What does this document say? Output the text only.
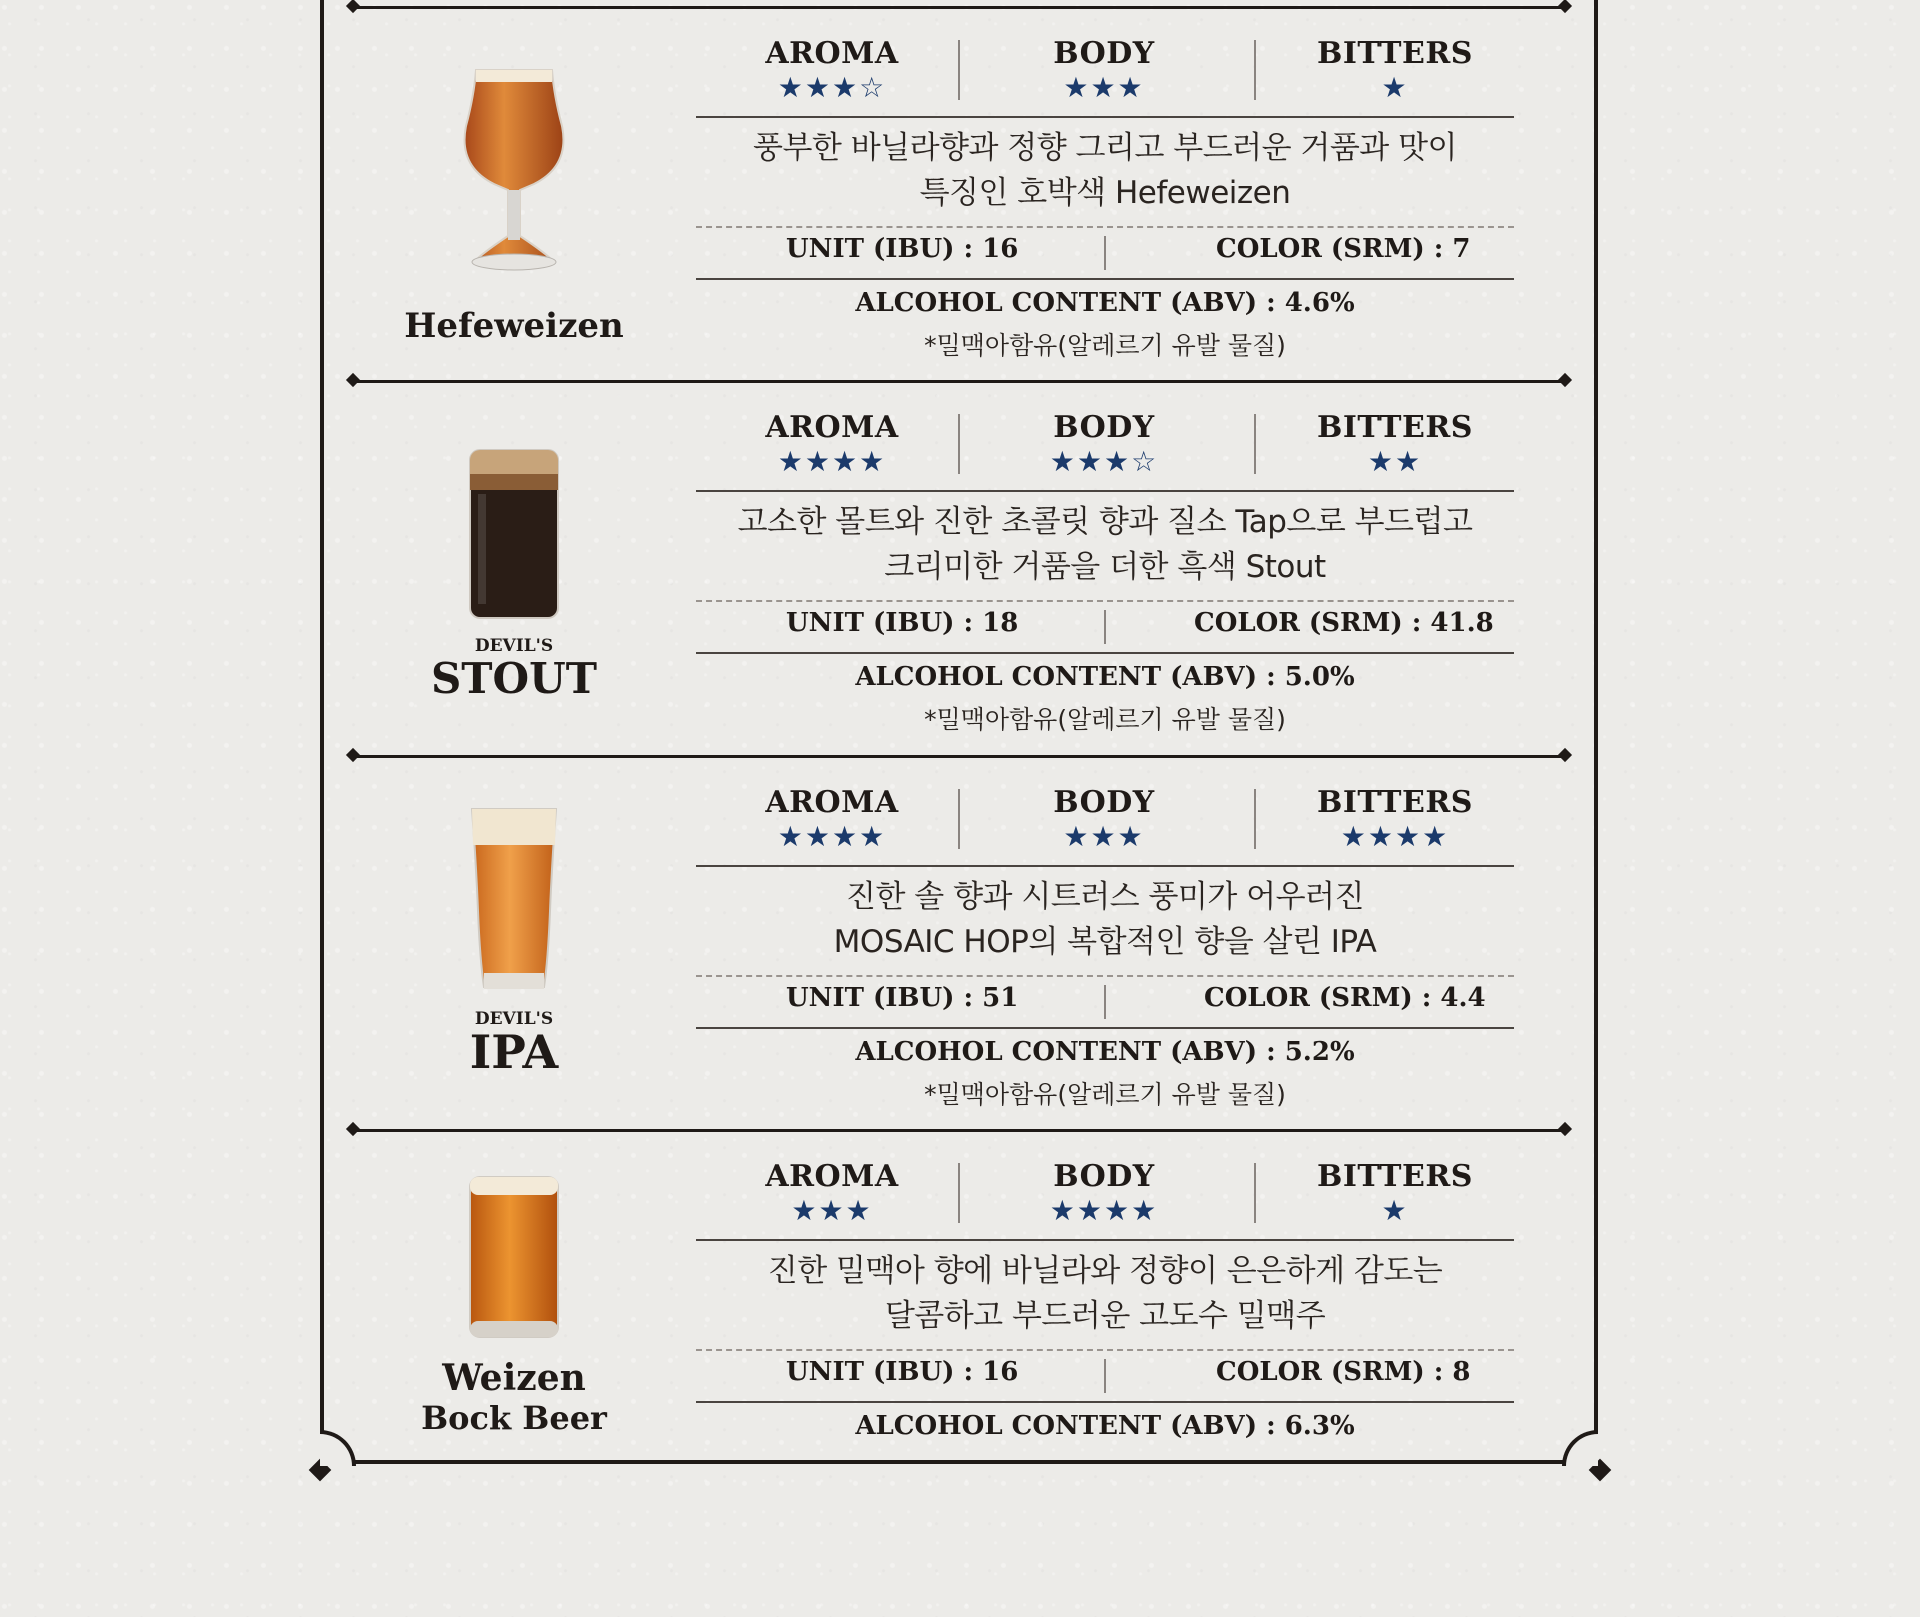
Hefeweizen
AROMA
★★★☆
BODY
★★★
BITTERS
★
풍부한 바닐라향과 정향 그리고 부드러운 거품과 맛이
특징인 호박색 Hefeweizen
UNIT (IBU) : 16	COLOR (SRM) : 7
ALCOHOL CONTENT (ABV) : 4.6%
*밀맥아함유(알레르기 유발 물질)
DEVIL'S
STOUT
AROMA
★★★★
BODY
★★★☆
BITTERS
★★
고소한 몰트와 진한 초콜릿 향과 질소 Tap으로 부드럽고
크리미한 거품을 더한 흑색 Stout
UNIT (IBU) : 18	COLOR (SRM) : 41.8
ALCOHOL CONTENT (ABV) : 5.0%
*밀맥아함유(알레르기 유발 물질)
DEVIL'S
IPA
AROMA
★★★★
BODY
★★★
BITTERS
★★★★
진한 솔 향과 시트러스 풍미가 어우러진
MOSAIC HOP의 복합적인 향을 살린 IPA
UNIT (IBU) : 51	COLOR (SRM) : 4.4
ALCOHOL CONTENT (ABV) : 5.2%
*밀맥아함유(알레르기 유발 물질)
Weizen
Bock Beer
AROMA
★★★
BODY
★★★★
BITTERS
★
진한 밀맥아 향에 바닐라와 정향이 은은하게 감도는
달콤하고 부드러운 고도수 밀맥주
UNIT (IBU) : 16	COLOR (SRM) : 8
ALCOHOL CONTENT (ABV) : 6.3%
